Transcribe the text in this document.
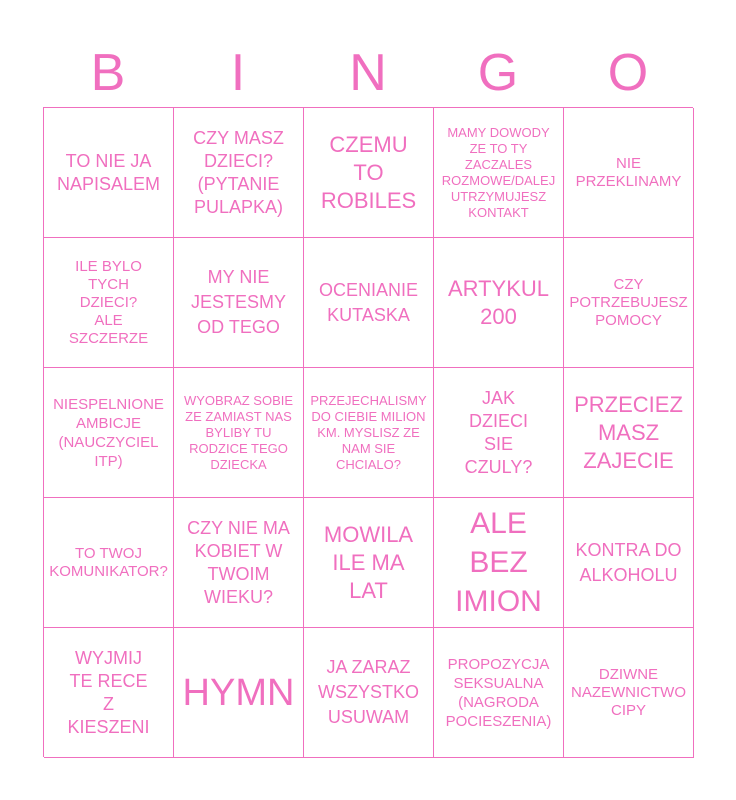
B	I	N	G	O
TO NIE JA NAPISALEM
CZY MASZ DZIECI? (PYTANIE PULAPKA)
CZEMU TO ROBILES
MAMY DOWODY ZE TO TY ZACZALES ROZMOWE/DALEJ UTRZYMUJESZ KONTAKT
NIE PRZEKLINAMY
ILE BYLO TYCH DZIECI? ALE SZCZERZE
MY NIE JESTESMY OD TEGO
OCENIANIE KUTASKA
ARTYKUL 200
CZY POTRZEBUJESZ POMOCY
NIESPELNIONE AMBICJE (NAUCZYCIEL ITP)
WYOBRAZ SOBIE ZE ZAMIAST NAS BYLIBY TU RODZICE TEGO DZIECKA
PRZEJECHALISMY DO CIEBIE MILION KM. MYSLISZ ZE NAM SIE CHCIALO?
JAK DZIECI SIE CZULY?
PRZECIEZ MASZ ZAJECIE
TO TWOJ KOMUNIKATOR?
CZY NIE MA KOBIET W TWOIM WIEKU?
MOWILA ILE MA LAT
ALE BEZ IMION
KONTRA DO ALKOHOLU
WYJMIJ TE RECE Z KIESZENI
HYMN
JA ZARAZ WSZYSTKO USUWAM
PROPOZYCJA SEKSUALNA (NAGRODA POCIESZENIA)
DZIWNE NAZEWNICTWO CIPY
